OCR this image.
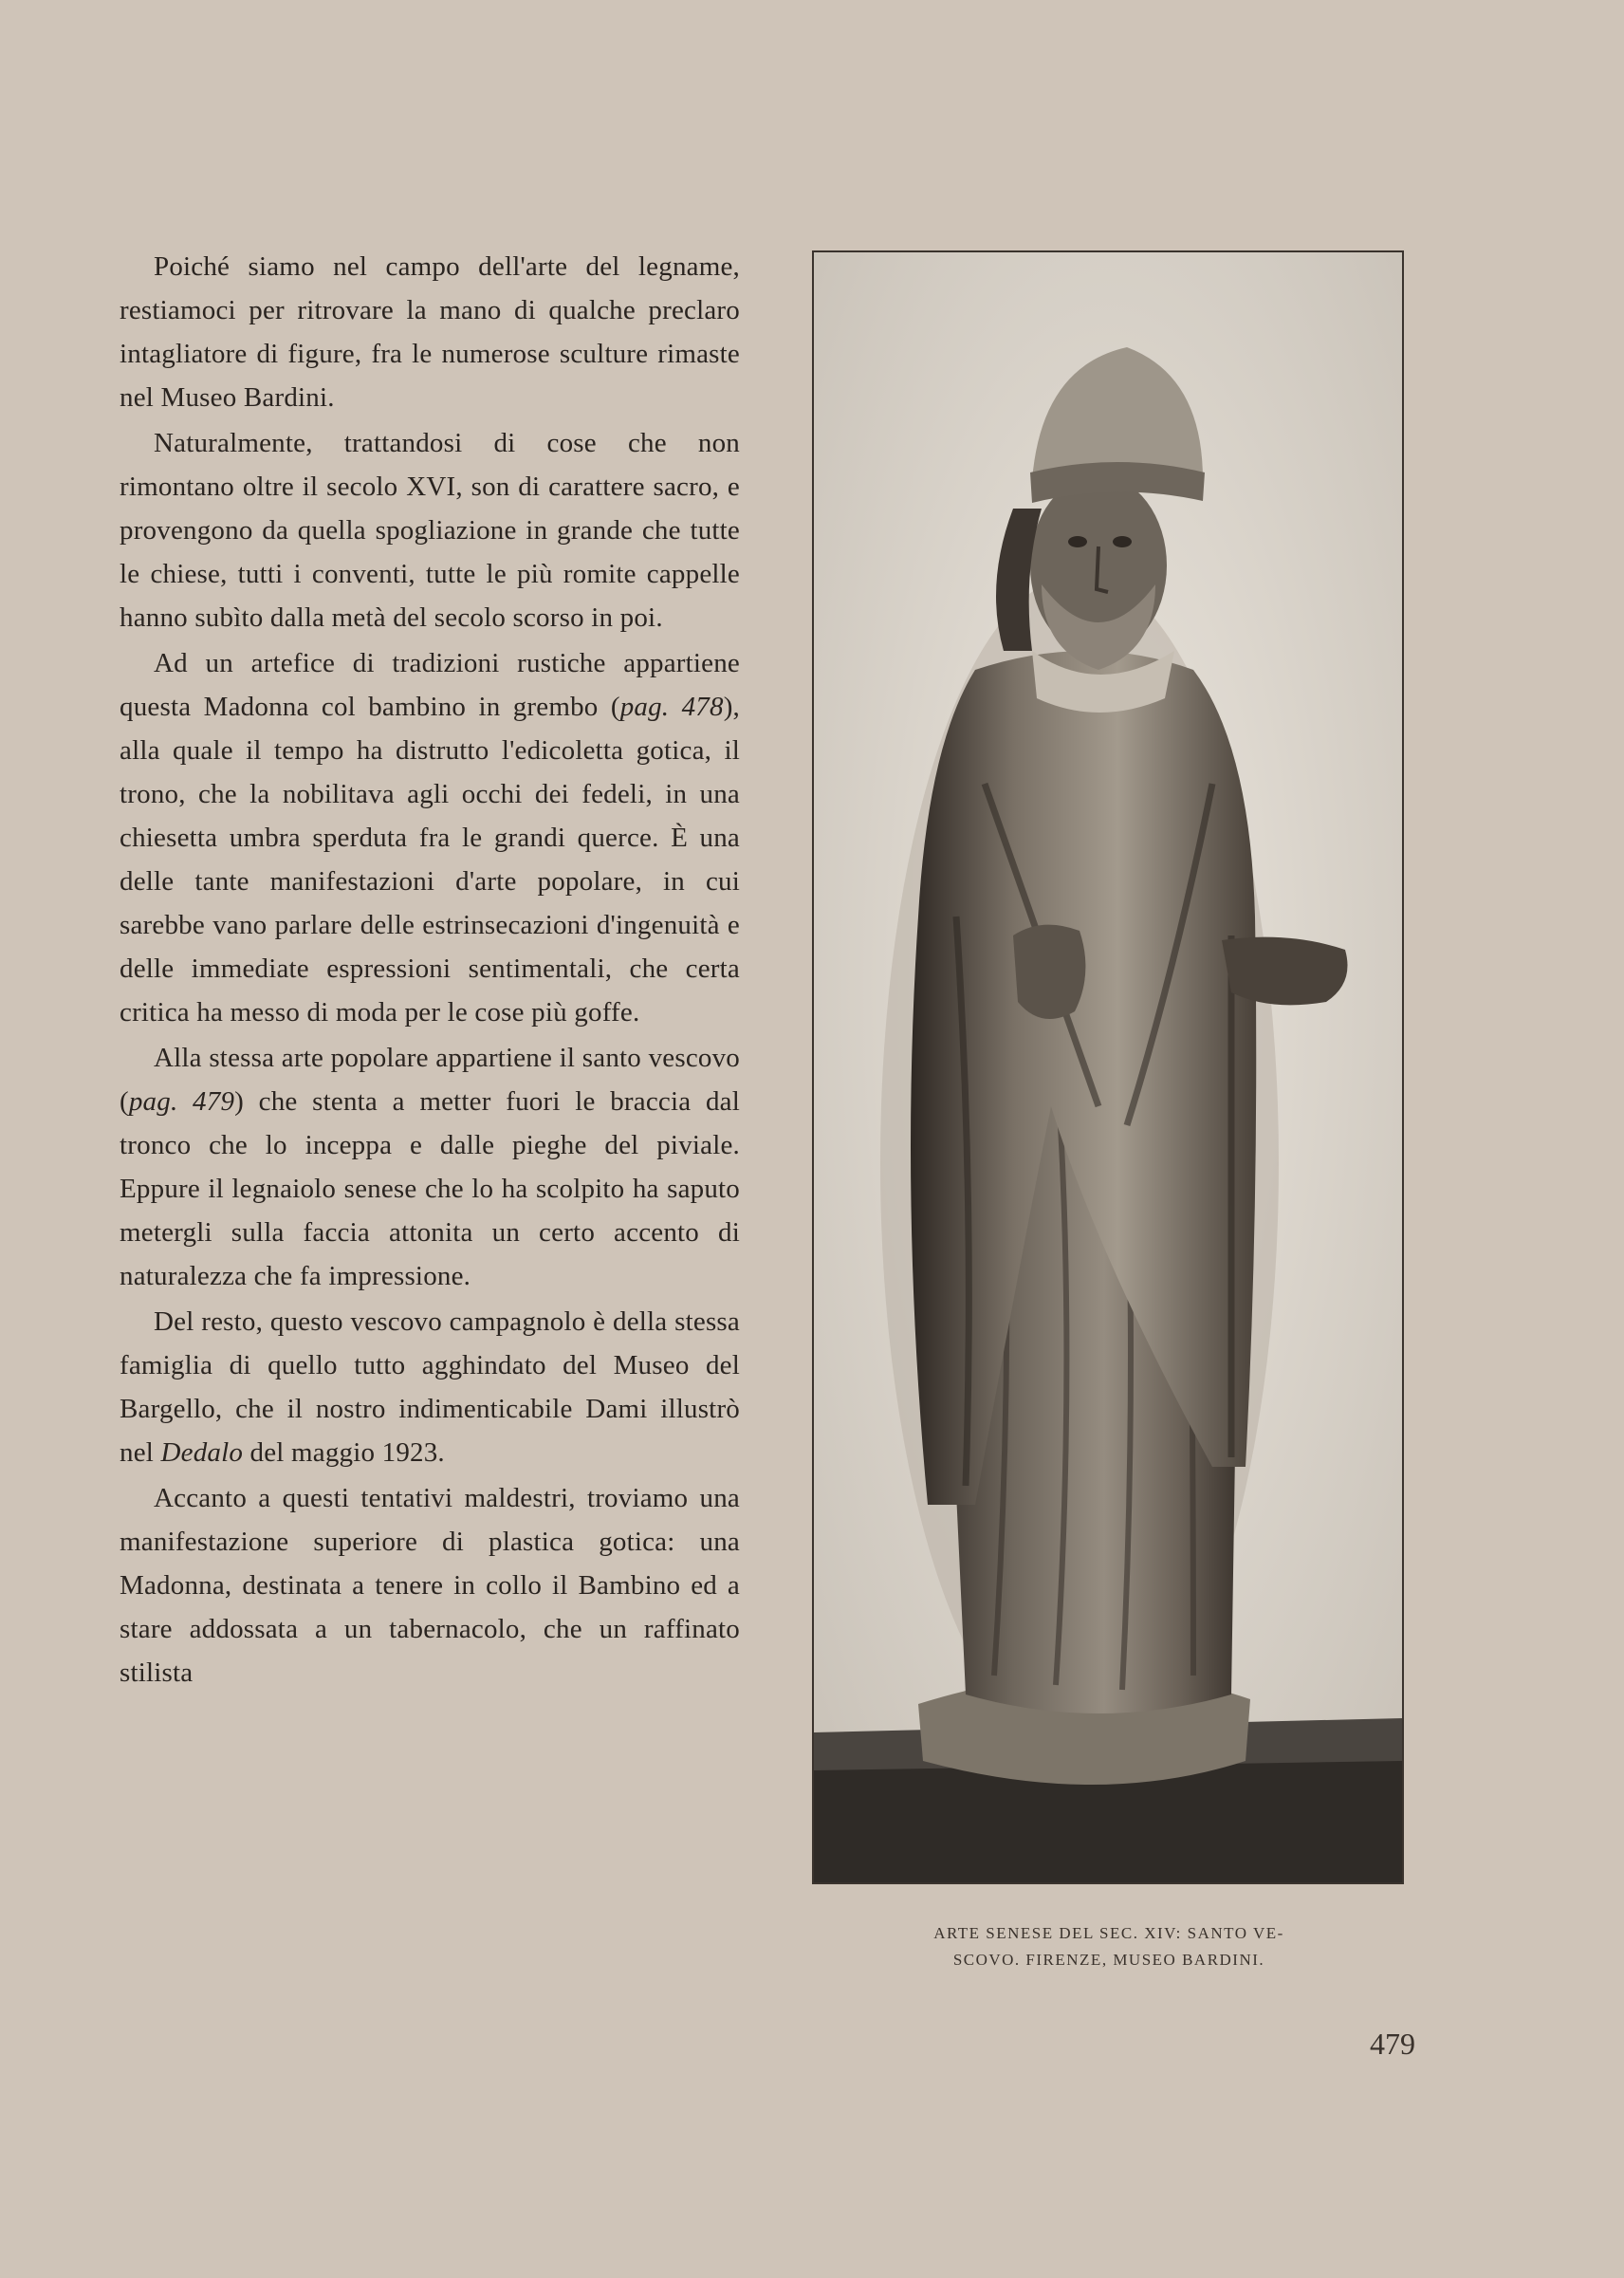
Poiché siamo nel campo dell'arte del legname, restiamoci per ritrovare la mano di qualche preclaro intagliatore di figure, fra le numerose sculture rimaste nel Museo Bardini.

Naturalmente, trattandosi di cose che non rimontano oltre il secolo XVI, son di carattere sacro, e provengono da quella spogliazione in grande che tutte le chiese, tutti i conventi, tutte le più romite cappelle hanno subìto dalla metà del secolo scorso in poi.

Ad un artefice di tradizioni rustiche appartiene questa Madonna col bambino in grembo (pag. 478), alla quale il tempo ha distrutto l'edicoletta gotica, il trono, che la nobilitava agli occhi dei fedeli, in una chiesetta umbra sperduta fra le grandi querce. È una delle tante manifestazioni d'arte popolare, in cui sarebbe vano parlare delle estrinsecazioni d'ingenuità e delle immediate espressioni sentimentali, che certa critica ha messo di moda per le cose più goffe.

Alla stessa arte popolare appartiene il santo vescovo (pag. 479) che stenta a metter fuori le braccia dal tronco che lo inceppa e dalle pieghe del piviale. Eppure il legnaiolo senese che lo ha scolpito ha saputo metergli sulla faccia attonita un certo accento di naturalezza che fa impressione.

Del resto, questo vescovo campagnolo è della stessa famiglia di quello tutto agghindato del Museo del Bargello, che il nostro indimenticabile Dami illustrò nel Dedalo del maggio 1923.

Accanto a questi tentativi maldestri, troviamo una manifestazione superiore di plastica gotica: una Madonna, destinata a tenere in collo il Bambino ed a stare addossata a un tabernacolo, che un raffinato stilista

ARTE SENESE DEL SEC. XIV: SANTO VE-
SCOVO. FIRENZE, MUSEO BARDINI.
479
